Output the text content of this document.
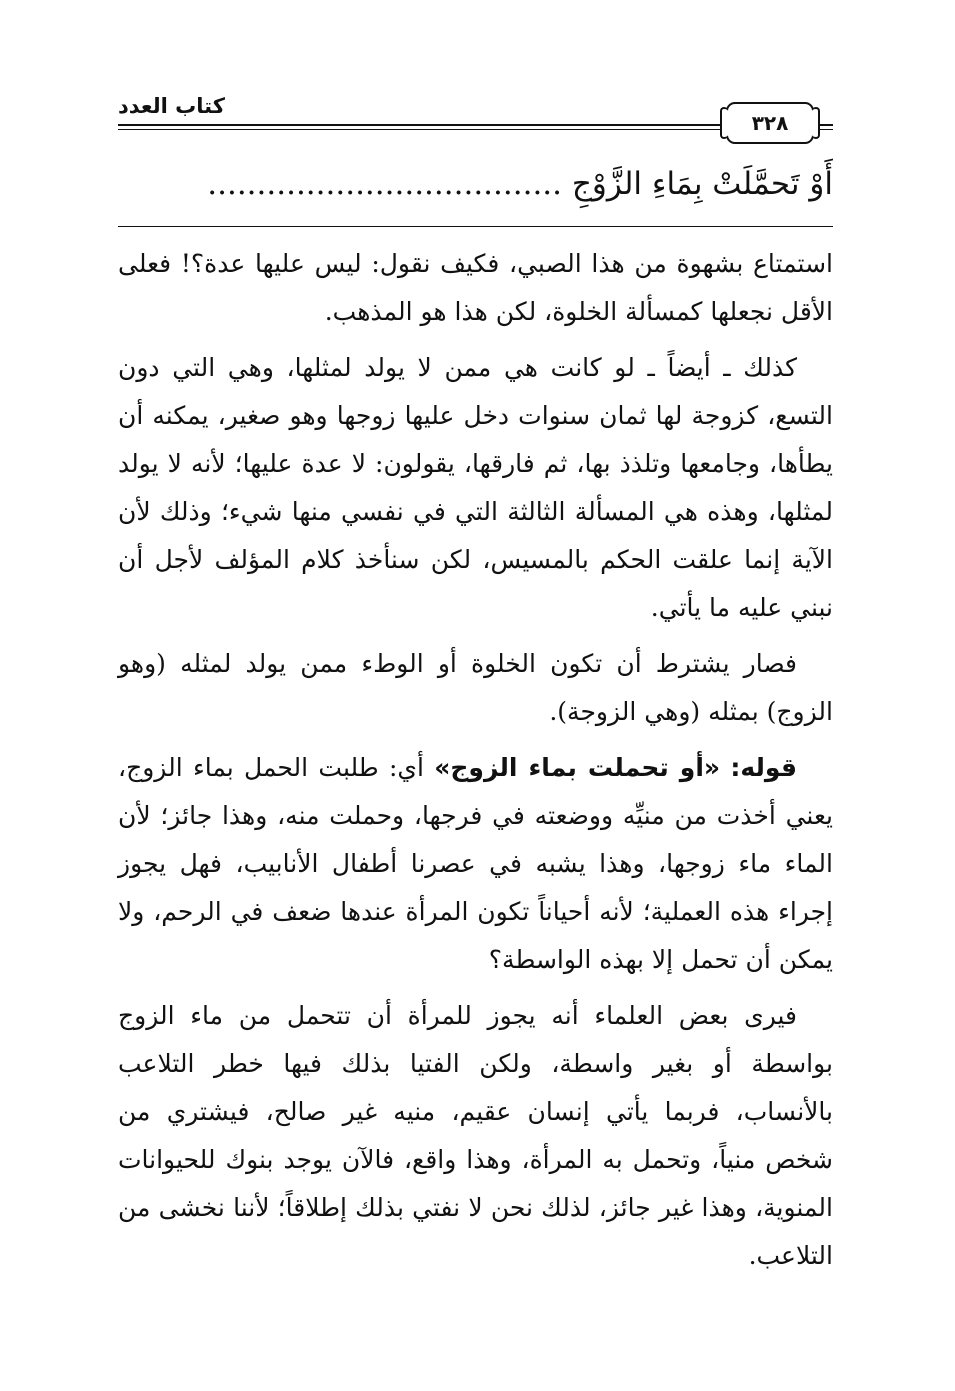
كتاب العدد
٣٢٨
أَوْ تَحمَّلَتْ بِمَاءِ الزَّوْجِ ....................................

استمتاع بشهوة من هذا الصبي، فكيف نقول: ليس عليها عدة؟! فعلى الأقل نجعلها كمسألة الخلوة، لكن هذا هو المذهب.

كذلك ـ أيضاً ـ لو كانت هي ممن لا يولد لمثلها، وهي التي دون التسع، كزوجة لها ثمان سنوات دخل عليها زوجها وهو صغير، يمكنه أن يطأها، وجامعها وتلذذ بها، ثم فارقها، يقولون: لا عدة عليها؛ لأنه لا يولد لمثلها، وهذه هي المسألة الثالثة التي في نفسي منها شيء؛ وذلك لأن الآية إنما علقت الحكم بالمسيس، لكن سنأخذ كلام المؤلف لأجل أن نبني عليه ما يأتي.

فصار يشترط أن تكون الخلوة أو الوطء ممن يولد لمثله (وهو الزوج) بمثله (وهي الزوجة).

قوله: «أو تحملت بماء الزوج» أي: طلبت الحمل بماء الزوج، يعني أخذت من منيِّه ووضعته في فرجها، وحملت منه، وهذا جائز؛ لأن الماء ماء زوجها، وهذا يشبه في عصرنا أطفال الأنابيب، فهل يجوز إجراء هذه العملية؛ لأنه أحياناً تكون المرأة عندها ضعف في الرحم، ولا يمكن أن تحمل إلا بهذه الواسطة؟

فيرى بعض العلماء أنه يجوز للمرأة أن تتحمل من ماء الزوج بواسطة أو بغير واسطة، ولكن الفتيا بذلك فيها خطر التلاعب بالأنساب، فربما يأتي إنسان عقيم، منيه غير صالح، فيشتري من شخص منياً، وتحمل به المرأة، وهذا واقع، فالآن يوجد بنوك للحيوانات المنوية، وهذا غير جائز، لذلك نحن لا نفتي بذلك إطلاقاً؛ لأننا نخشى من التلاعب.
